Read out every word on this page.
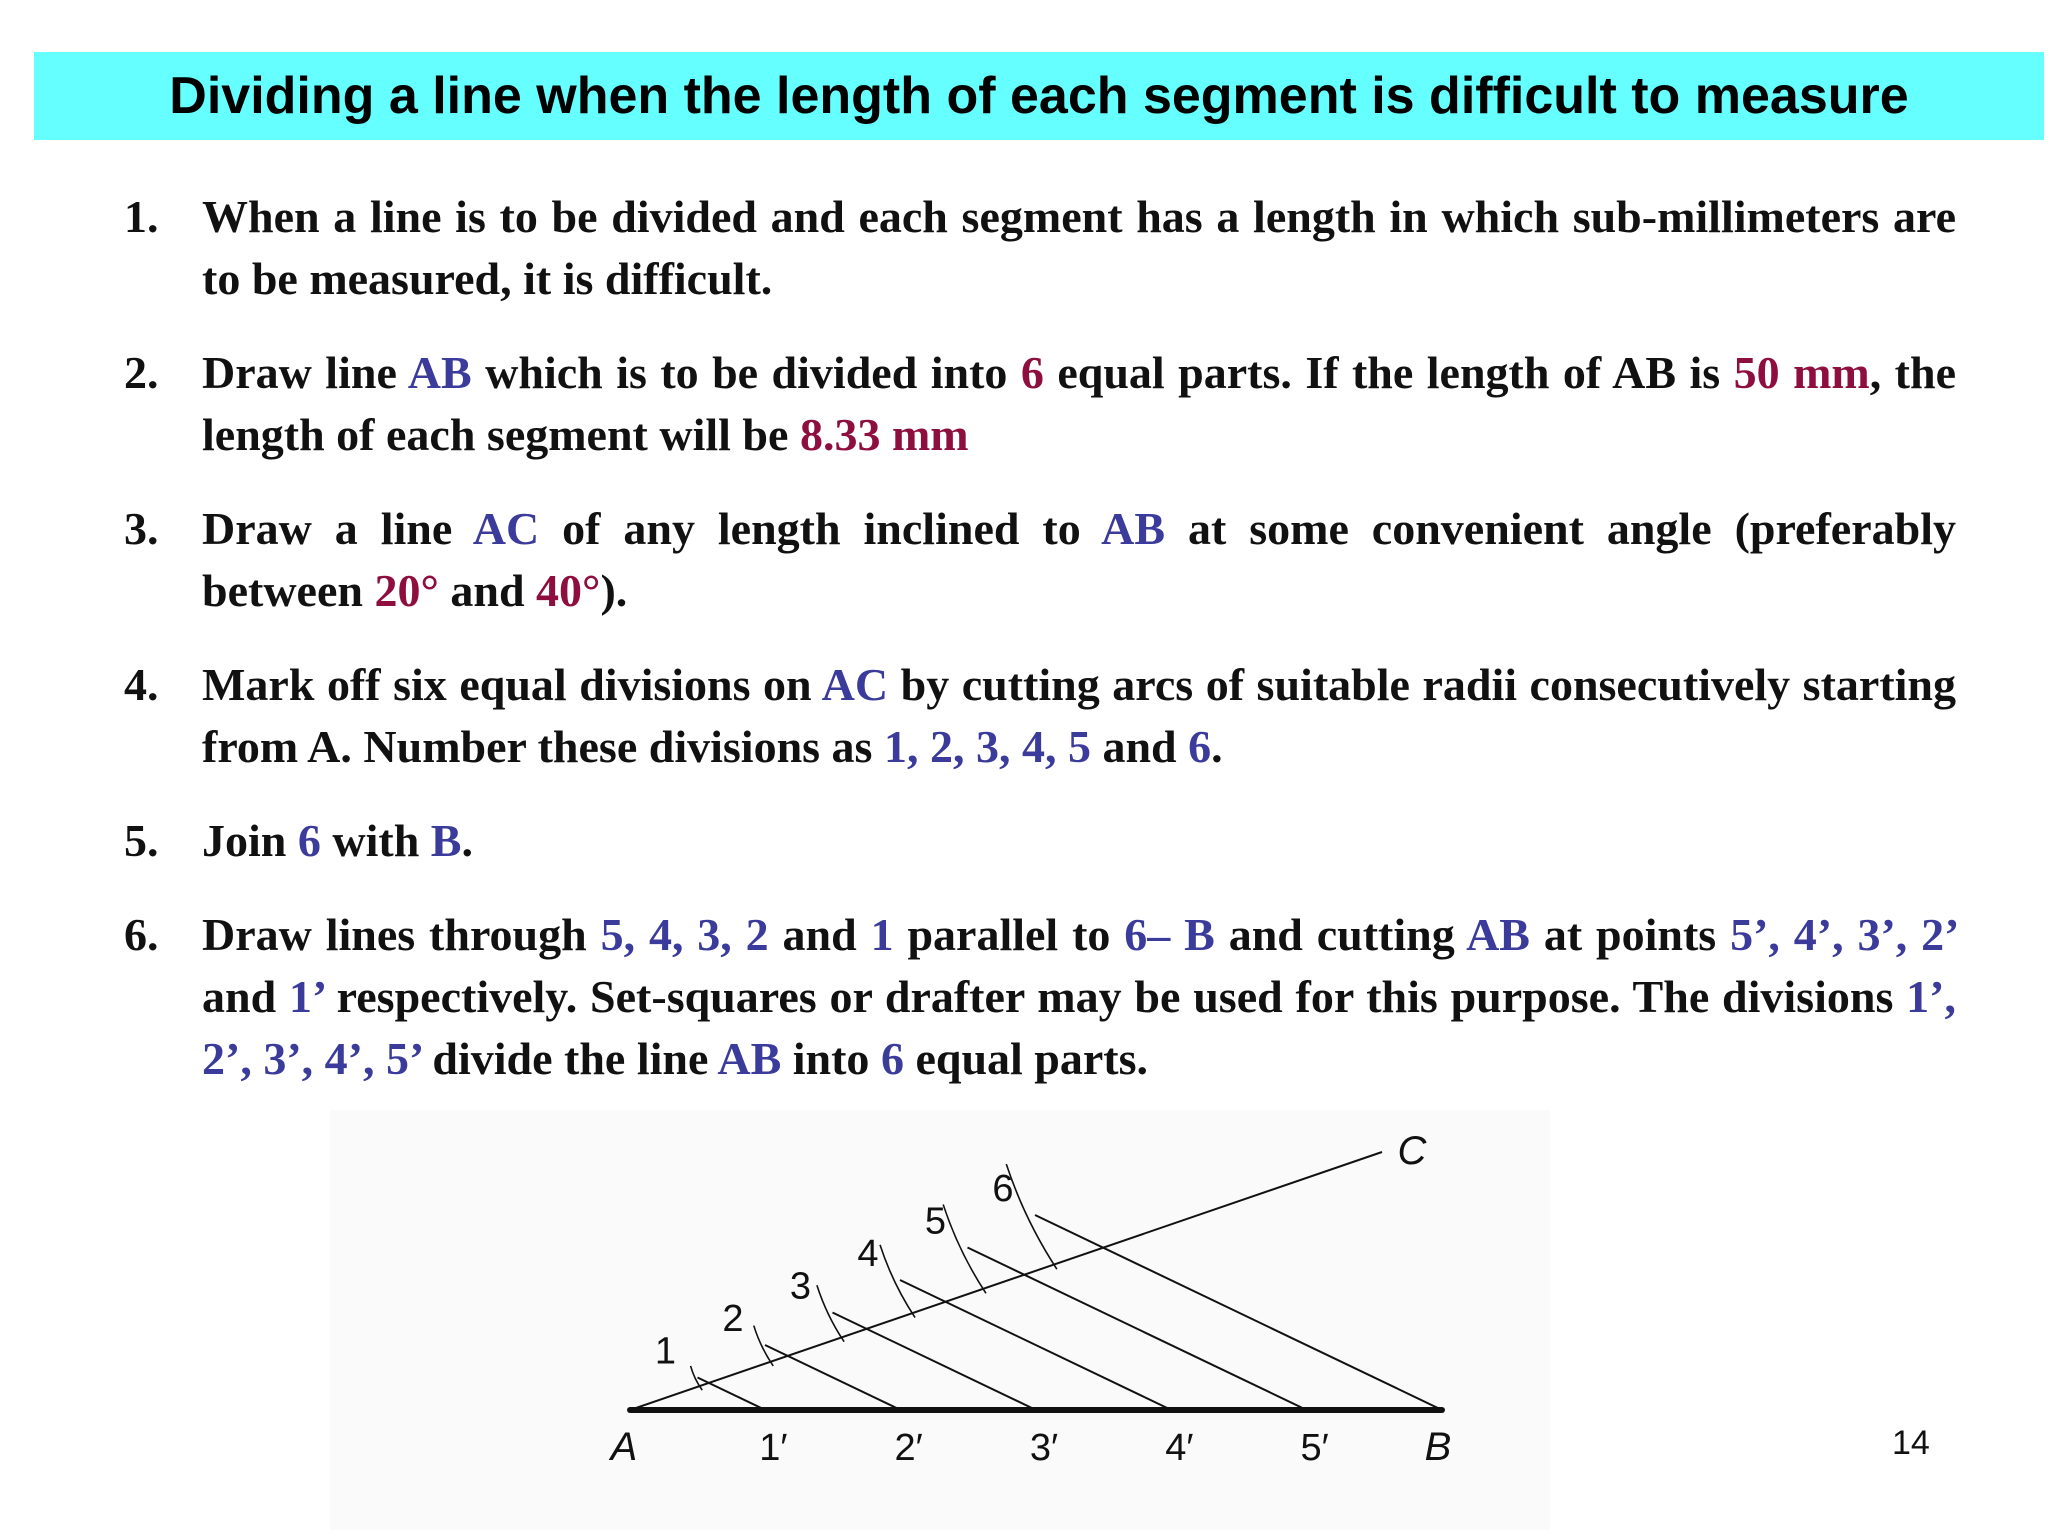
Dividing a line when the length of each segment is difficult to measure
1. When a line is to be divided and each segment has a length in which sub-millimeters are to be measured, it is difficult.
2. Draw line AB which is to be divided into 6 equal parts. If the length of AB is 50 mm, the length of each segment will be 8.33 mm
3. Draw a line AC of any length inclined to AB at some convenient angle (preferably between 20° and 40°).
4. Mark off six equal divisions on AC by cutting arcs of suitable radii consecutively starting from A. Number these divisions as 1, 2, 3, 4, 5 and 6.
5. Join 6 with B.
6. Draw lines through 5, 4, 3, 2 and 1 parallel to 6– B and cutting AB at points 5’, 4’, 3’, 2’ and 1’ respectively. Set-squares or drafter may be used for this purpose. The divisions 1’, 2’, 3’, 4’, 5’ divide the line AB into 6 equal parts.
A	B
C
1
2
3
4
5
6
1′	2′	3′	4′	5′	14
